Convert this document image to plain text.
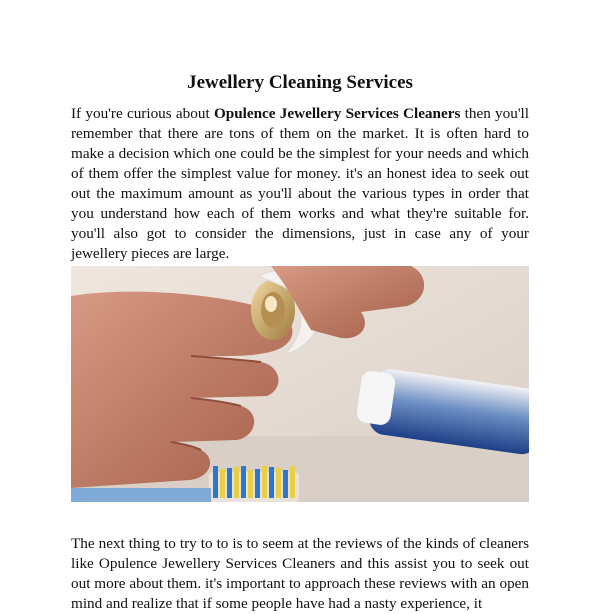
Jewellery Cleaning Services

If you're curious about Opulence Jewellery Services Cleaners then you'll remember that there are tons of them on the market. It is often hard to make a decision which one could be the simplest for your needs and which of them offer the simplest value for money. it's an honest idea to seek out out the maximum amount as you'll about the various types in order that you understand how each of them works and what they're suitable for. you'll also got to consider the dimensions, just in case any of your jewellery pieces are large.

The next thing to try to to is to seem at the reviews of the kinds of cleaners like Opulence Jewellery Services Cleaners and this assist you to seek out out more about them. it's important to approach these reviews with an open mind and realize that if some people have had a nasty experience, it
